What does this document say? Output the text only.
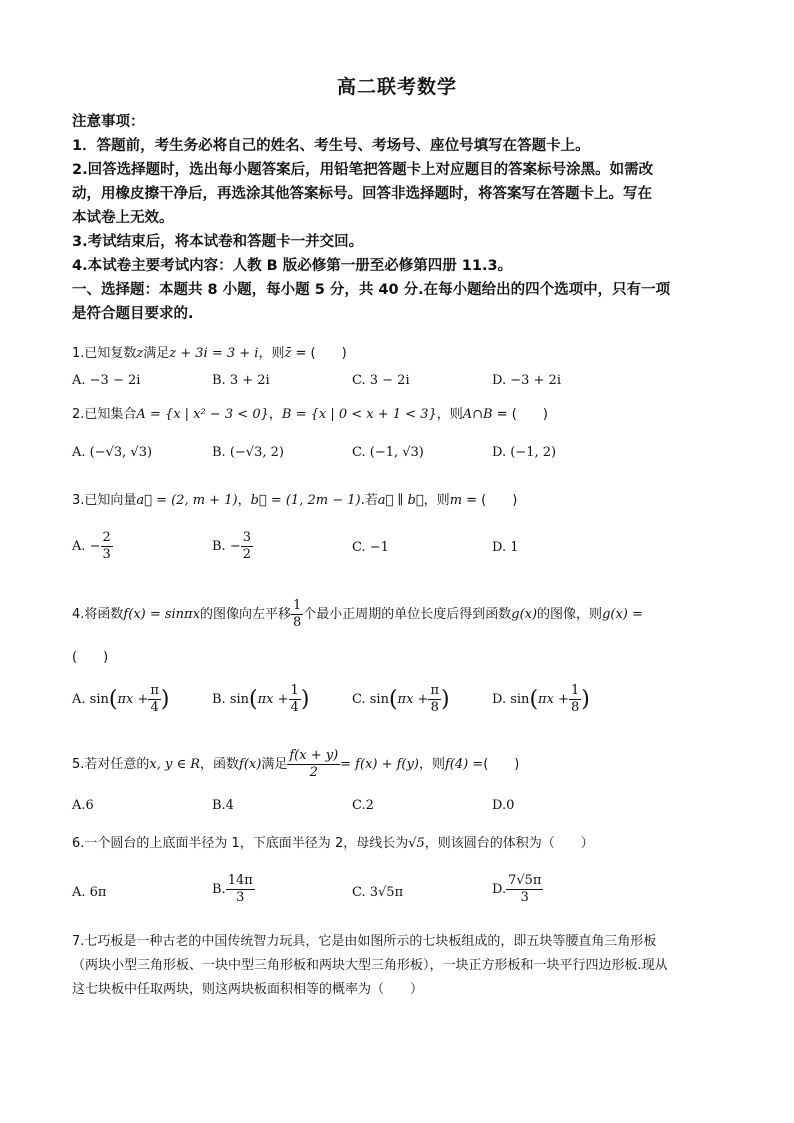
高二联考数学
注意事项：
1．答题前，考生务必将自己的姓名、考生号、考场号、座位号填写在答题卡上。
2.回答选择题时，选出每小题答案后，用铅笔把答题卡上对应题目的答案标号涂黑。如需改
动，用橡皮擦干净后，再选涂其他答案标号。回答非选择题时，将答案写在答题卡上。写在
本试卷上无效。
3.考试结束后，将本试卷和答题卡一并交回。
4.本试卷主要考试内容：人教 B 版必修第一册至必修第四册 11.3。
一、选择题：本题共 8 小题，每小题 5 分，共 40 分.在每小题给出的四个选项中，只有一项
是符合题目要求的.
1.已知复数z满足z + 3i = 3 + i，则z̄ = (　　)
A. −3 − 2i	B. 3 + 2i	C. 3 − 2i	D. −3 + 2i
2.已知集合A = {x | x² − 3 < 0}，B = {x | 0 < x + 1 < 3}，则A∩B = (　　)
A. (−√3, √3)	B. (−√3, 2)	C. (−1, √3)	D. (−1, 2)
3.已知向量a⃗ = (2, m + 1)，b⃗ = (1, 2m − 1).若a⃗ ∥ b⃗，则m = (　　)
A. − $\frac{2}{3}$	B. − $\frac{3}{2}$	C. −1	D. 1
4.将函数f(x) = sinπx的图像向左平移 $\frac{1}{8}$ 个最小正周期的单位长度后得到函数g(x)的图像，则g(x) =
(　　)
A. $\sin(\pi x + \frac{\pi}{4}$ )	B. $\sin(\pi x + \frac{1}{4}$ )	C. $\sin(\pi x + \frac{\pi}{8}$ )	D. $\sin(\pi x + \frac{1}{8}$ )
5.若对任意的x, y ∈ R，函数f(x)满足 $\frac{f(x + y)}{2} = f(x) + f(y)$，则f(4) =(　　)
A.6	B.4	C.2	D.0
6.一个圆台的上底面半径为 1，下底面半径为 2，母线长为√5，则该圆台的体积为（　　）
A. 6π	B. $\frac{14\pi}{3}$	C. 3√5π	D. $\frac{7√5\pi}{3}$
7.七巧板是一种古老的中国传统智力玩具，它是由如图所示的七块板组成的，即五块等腰直角三角形板
（两块小型三角形板、一块中型三角形板和两块大型三角形板），一块正方形板和一块平行四边形板.现从
这七块板中任取两块，则这两块板面积相等的概率为（　　）
